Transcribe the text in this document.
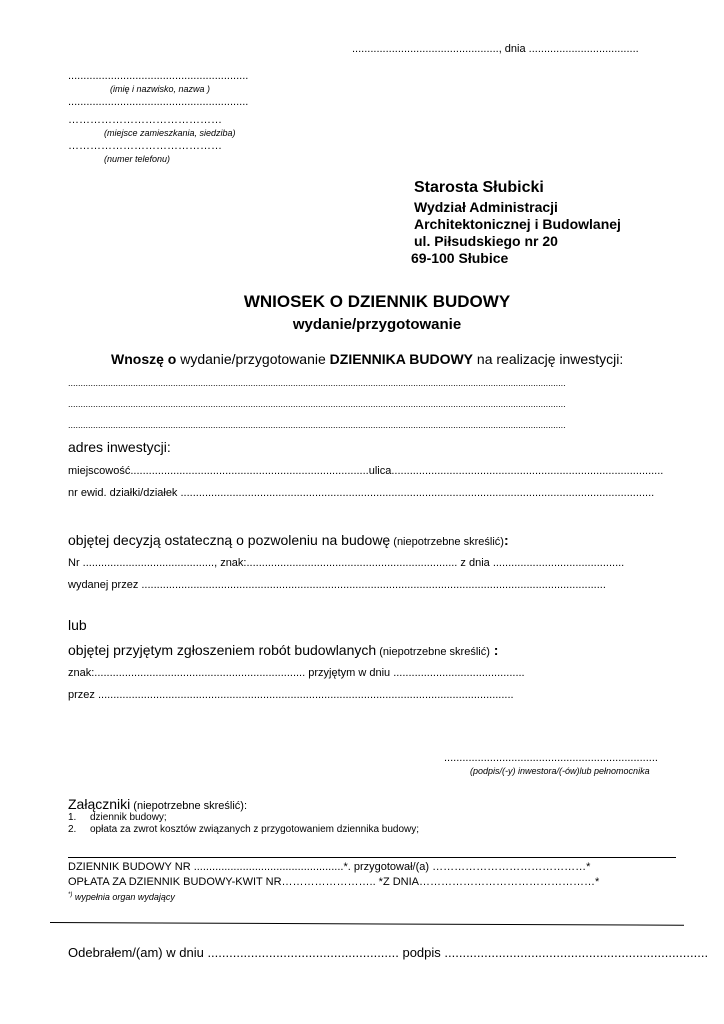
................................................, dnia ....................................
...........................................................
(imię i nazwisko, nazwa )
...........................................................
……………………………………
(miejsce zamieszkania, siedziba)
……………………………………
(numer telefonu)
Starosta Słubicki
Wydział Administracji
Architektonicznej i Budowlanej
ul. Piłsudskiego nr 20
69-100 Słubice
WNIOSEK O DZIENNIK BUDOWY
wydanie/przygotowanie
Wnoszę o wydanie/przygotowanie DZIENNIKA BUDOWY na realizację inwestycji:
.......................................................................................................................................................................................................
.......................................................................................................................................................................................................
.......................................................................................................................................................................................................
adres inwestycji:
miejscowość..............................................................................ulica.........................................................................................
nr ewid. działki/działek ...........................................................................................................................................................
objętej decyzją ostateczną o pozwoleniu na budowę (niepotrzebne skreślić):
Nr ..........................................., znak:..................................................................... z dnia ...........................................
wydanej przez ........................................................................................................................................................
lub
objętej przyjętym zgłoszeniem robót budowlanych (niepotrzebne skreślić) :
znak:..................................................................... przyjętym w dniu ...........................................
przez ........................................................................................................................................
......................................................................
(podpis/(-y) inwestora/(-ów)lub pełnomocnika
Załączniki (niepotrzebne skreślić):
1. dziennik budowy;
2. opłata za zwrot kosztów związanych z przygotowaniem dziennika budowy;
DZIENNIK BUDOWY NR .................................................*. przygotował/(a) ……………………………………*
OPŁATA ZA DZIENNIK BUDOWY-KWIT NR…………………….. *Z DNIA…………………………………………*
*) wypełnia organ wydający
Odebrałem/(am) w dniu ..................................................... podpis .........................................................................
